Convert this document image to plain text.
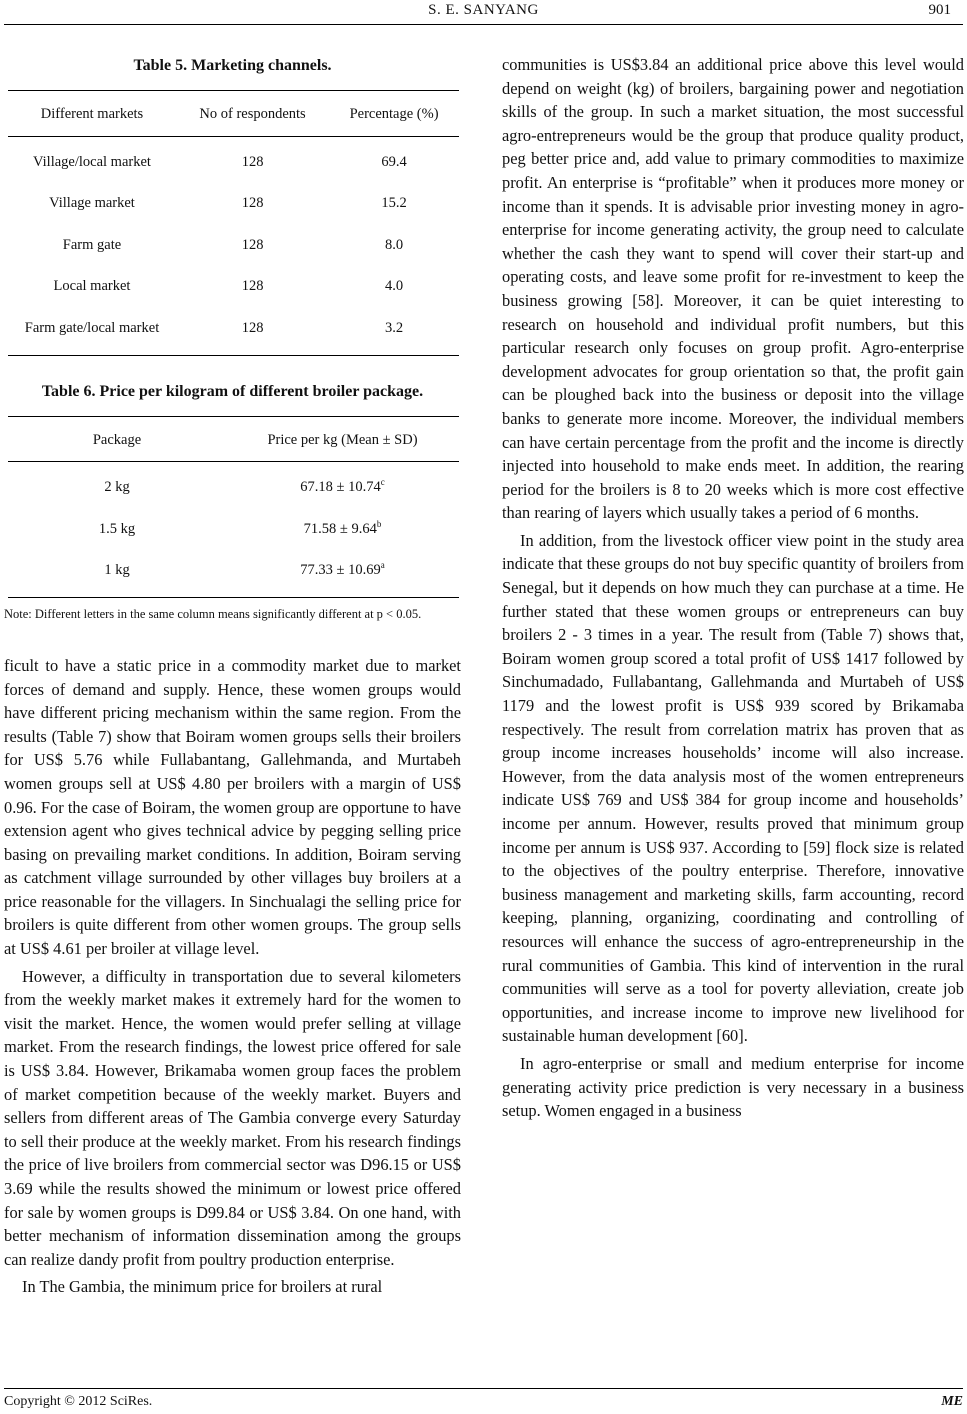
S. E. SANYANG	901
Table 5. Marketing channels.
Different markets	No of respondents	Percentage (%)
Village/local market	128	69.4
Village market	128	15.2
Farm gate	128	8.0
Local market	128	4.0
Farm gate/local market	128	3.2
Table 6. Price per kilogram of different broiler package.
Package	Price per kg (Mean ± SD)
2 kg	67.18 ± 10.74$^c$
1.5 kg	71.58 ± 9.64$^b$
1 kg	77.33 ± 10.69$^a$
Note: Different letters in the same column means significantly different at p < 0.05.

ficult to have a static price in a commodity market due to market forces of demand and supply. Hence, these women groups would have different pricing mechanism within the same region. From the results (Table 7) show that Boiram women groups sells their broilers for US$ 5.76 while Fullabantang, Gallehmanda, and Murtabeh women groups sell at US$ 4.80 per broilers with a margin of US$ 0.96. For the case of Boiram, the women group are opportune to have extension agent who gives technical advice by pegging selling price basing on prevailing market conditions. In addition, Boiram serving as catchment village surrounded by other villages buy broilers at a price reasonable for the villagers. In Sinchualagi the selling price for broilers is quite different from other women groups. The group sells at US$ 4.61 per broiler at village level.

However, a difficulty in transportation due to several kilometers from the weekly market makes it extremely hard for the women to visit the market. Hence, the women would prefer selling at village market. From the research findings, the lowest price offered for sale is US$ 3.84. However, Brikamaba women group faces the problem of market competition because of the weekly market. Buyers and sellers from different areas of The Gambia converge every Saturday to sell their produce at the weekly market. From his research findings the price of live broilers from commercial sector was D96.15 or US$ 3.69 while the results showed the minimum or lowest price offered for sale by women groups is D99.84 or US$ 3.84. On one hand, with better mechanism of information dissemination among the groups can realize dandy profit from poultry production enterprise.

In The Gambia, the minimum price for broilers at rural

communities is US$3.84 an additional price above this level would depend on weight (kg) of broilers, bargaining power and negotiation skills of the group. In such a market situation, the most successful agro-entrepreneurs would be the group that produce quality product, peg better price and, add value to primary commodities to maximize profit. An enterprise is “profitable” when it produces more money or income than it spends. It is advisable prior investing money in agro-enterprise for income generating activity, the group need to calculate whether the cash they want to spend will cover their start-up and operating costs, and leave some profit for re-investment to keep the business growing [58]. Moreover, it can be quiet interesting to research on household and individual profit numbers, but this particular research only focuses on group profit. Agro-enterprise development advocates for group orientation so that, the profit gain can be ploughed back into the business or deposit into the village banks to generate more income. Moreover, the individual members can have certain percentage from the profit and the income is directly injected into household to make ends meet. In addition, the rearing period for the broilers is 8 to 20 weeks which is more cost effective than rearing of layers which usually takes a period of 6 months.

In addition, from the livestock officer view point in the study area indicate that these groups do not buy specific quantity of broilers from Senegal, but it depends on how much they can purchase at a time. He further stated that these women groups or entrepreneurs can buy broilers 2 - 3 times in a year. The result from (Table 7) shows that, Boiram women group scored a total profit of US$ 1417 followed by Sinchumadado, Fullabantang, Gallehmanda and Murtabeh of US$ 1179 and the lowest profit is US$ 939 scored by Brikamaba respectively. The result from correlation matrix has proven that as group income increases households’ income will also increase. However, from the data analysis most of the women entrepreneurs indicate US$ 769 and US$ 384 for group income and households’ income per annum. However, results proved that minimum group income per annum is US$ 937. According to [59] flock size is related to the objectives of the poultry enterprise. Therefore, innovative business management and marketing skills, farm accounting, record keeping, planning, organizing, coordinating and controlling of resources will enhance the success of agro-entrepreneurship in the rural communities of Gambia. This kind of intervention in the rural communities will serve as a tool for poverty alleviation, create job opportunities, and increase income to improve new livelihood for sustainable human development [60].

In agro-enterprise or small and medium enterprise for income generating activity price prediction is very necessary in a business setup. Women engaged in a business

Copyright © 2012 SciRes.	ME
